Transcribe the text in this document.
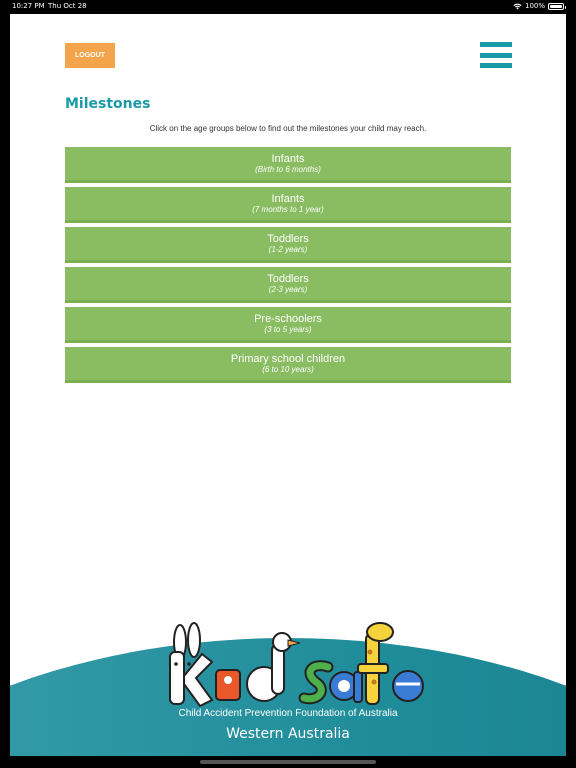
10:27 PM Thu Oct 28	100%
LOGOUT
Milestones
Click on the age groups below to find out the milestones your child may reach.
Infants
(Birth to 6 months)
Infants
(7 months to 1 year)
Toddlers
(1-2 years)
Toddlers
(2-3 years)
Pre-schoolers
(3 to 5 years)
Primary school children
(6 to 10 years)
Child Accident Prevention Foundation of Australia
Western Australia
